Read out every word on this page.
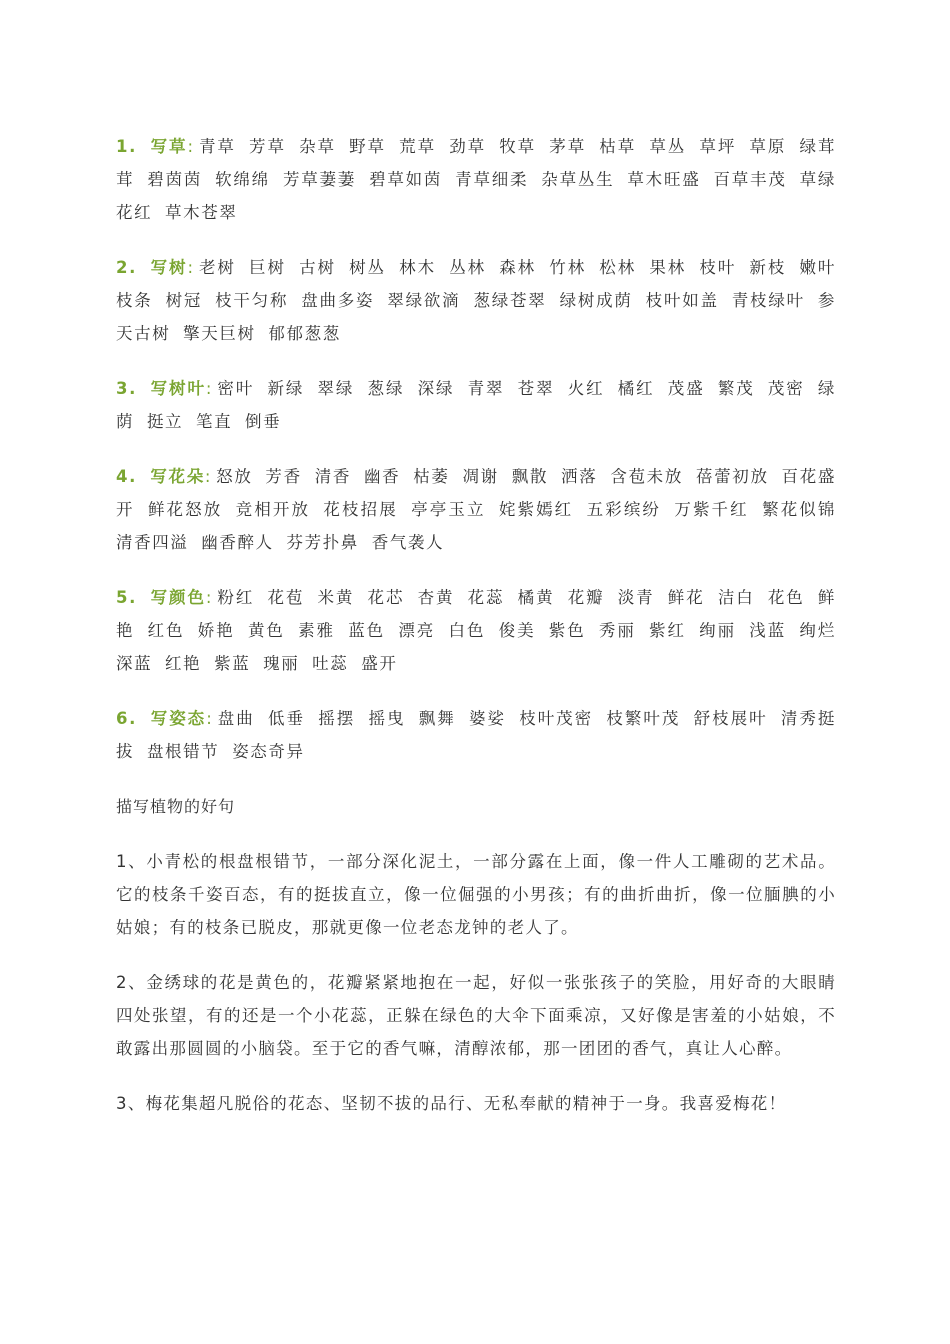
1. 写草: 青草 芳草 杂草 野草 荒草 劲草 牧草 茅草 枯草 草丛 草坪 草原 绿茸茸 碧茵茵 软绵绵 芳草萋萋 碧草如茵 青草细柔 杂草丛生 草木旺盛 百草丰茂 草绿花红 草木苍翠

2. 写树: 老树 巨树 古树 树丛 林木 丛林 森林 竹林 松林 果林 枝叶 新枝 嫩叶 枝条 树冠 枝干匀称 盘曲多姿 翠绿欲滴 葱绿苍翠 绿树成荫 枝叶如盖 青枝绿叶 参天古树 擎天巨树 郁郁葱葱

3. 写树叶: 密叶 新绿 翠绿 葱绿 深绿 青翠 苍翠 火红 橘红 茂盛 繁茂 茂密 绿荫 挺立 笔直 倒垂

4. 写花朵: 怒放 芳香 清香 幽香 枯萎 凋谢 飘散 洒落 含苞未放 蓓蕾初放 百花盛开 鲜花怒放 竞相开放 花枝招展 亭亭玉立 姹紫嫣红 五彩缤纷 万紫千红 繁花似锦 清香四溢 幽香醉人 芬芳扑鼻 香气袭人

5. 写颜色: 粉红 花苞 米黄 花芯 杏黄 花蕊 橘黄 花瓣 淡青 鲜花 洁白 花色 鲜艳 红色 娇艳 黄色 素雅 蓝色 漂亮 白色 俊美 紫色 秀丽 紫红 绚丽 浅蓝 绚烂 深蓝 红艳 紫蓝 瑰丽 吐蕊 盛开

6. 写姿态: 盘曲 低垂 摇摆 摇曳 飘舞 婆娑 枝叶茂密 枝繁叶茂 舒枝展叶 清秀挺拔 盘根错节 姿态奇异

描写植物的好句

1、小青松的根盘根错节，一部分深化泥土，一部分露在上面，像一件人工雕砌的艺术品。它的枝条千姿百态，有的挺拔直立，像一位倔强的小男孩；有的曲折曲折，像一位腼腆的小姑娘；有的枝条已脱皮，那就更像一位老态龙钟的老人了。

2、金绣球的花是黄色的，花瓣紧紧地抱在一起，好似一张张孩子的笑脸，用好奇的大眼睛四处张望，有的还是一个小花蕊，正躲在绿色的大伞下面乘凉，又好像是害羞的小姑娘，不敢露出那圆圆的小脑袋。至于它的香气嘛，清醇浓郁，那一团团的香气，真让人心醉。

3、梅花集超凡脱俗的花态、坚韧不拔的品行、无私奉献的精神于一身。我喜爱梅花！
